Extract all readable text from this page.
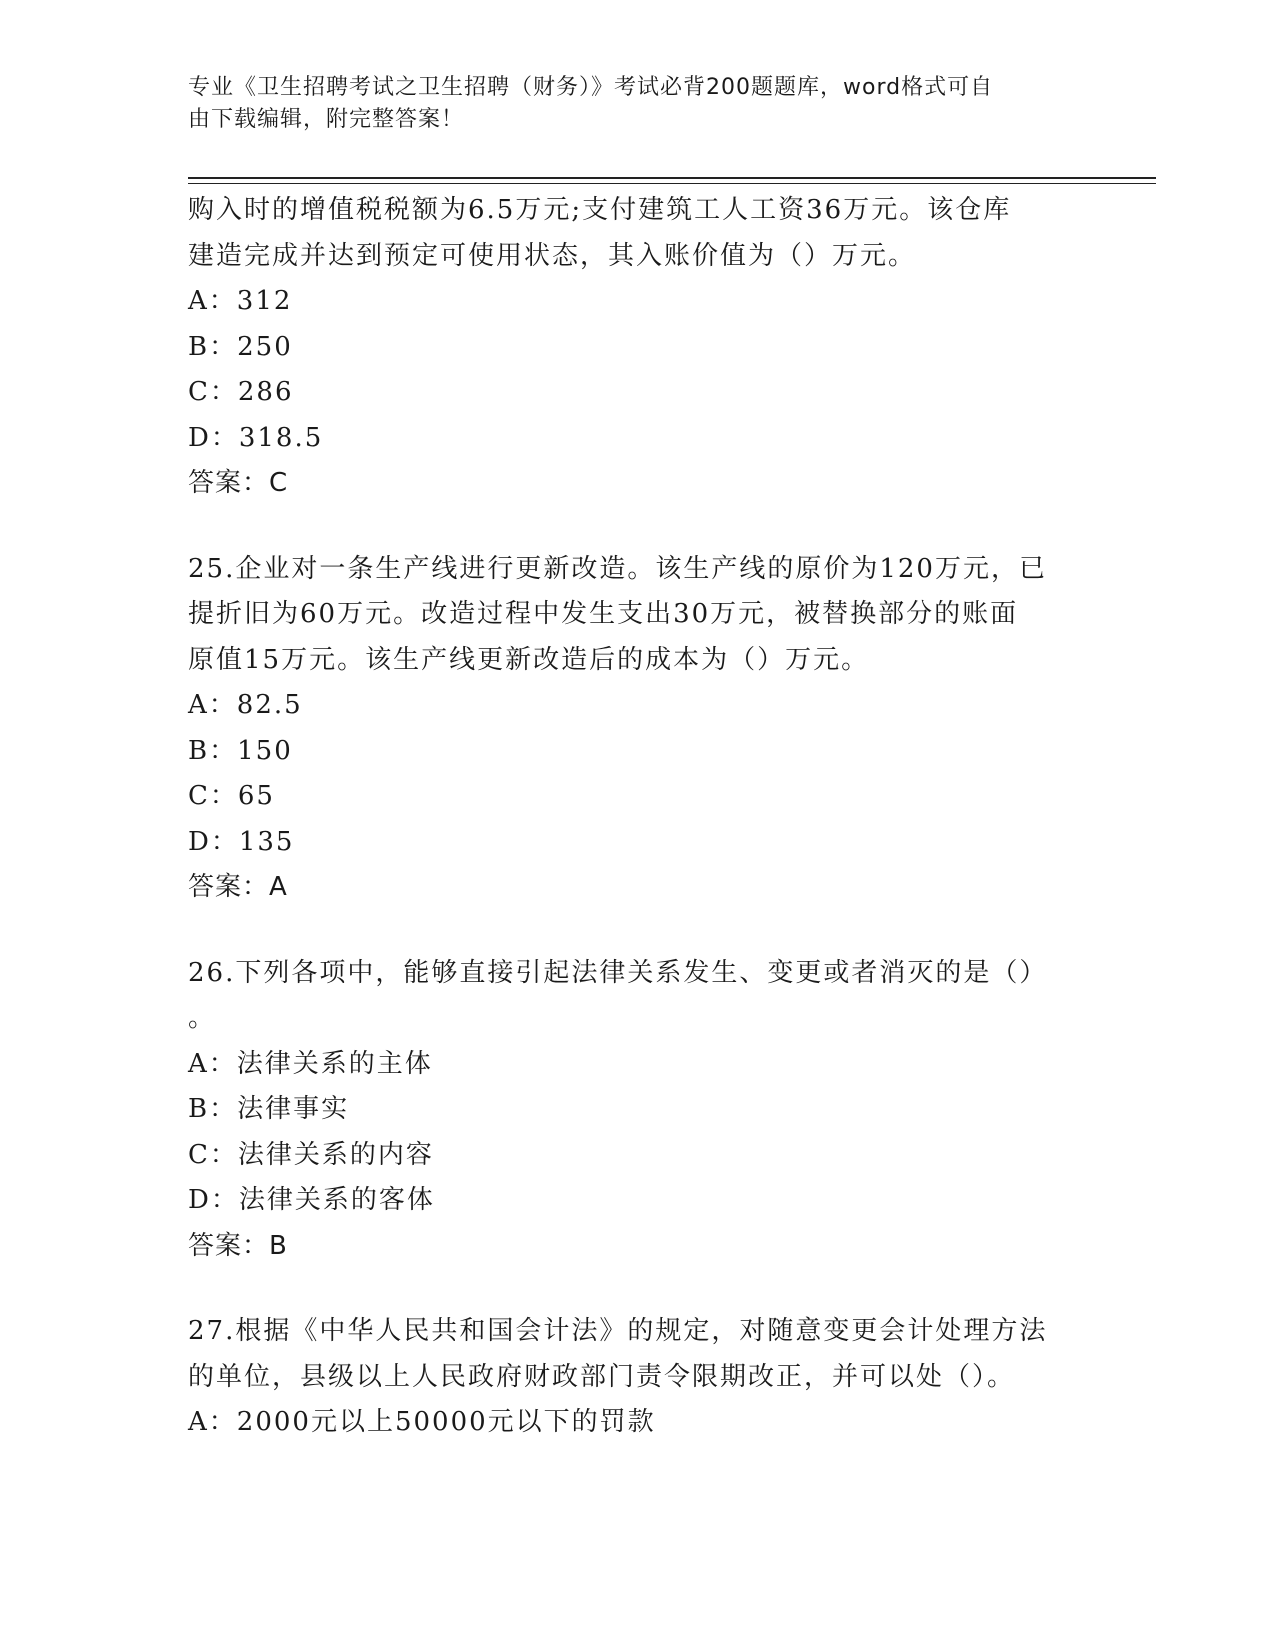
专业《卫生招聘考试之卫生招聘（财务）》考试必背200题题库，word格式可自
由下载编辑，附完整答案！
购入时的增值税税额为6.5万元;支付建筑工人工资36万元。该仓库
建造完成并达到预定可使用状态，其入账价值为（）万元。
A：312
B：250
C：286
D：318.5
答案：C
25.企业对一条生产线进行更新改造。该生产线的原价为120万元，已
提折旧为60万元。改造过程中发生支出30万元，被替换部分的账面
原值15万元。该生产线更新改造后的成本为（）万元。
A：82.5
B：150
C：65
D：135
答案：A
26.下列各项中，能够直接引起法律关系发生、变更或者消灭的是（）
。
A：法律关系的主体
B：法律事实
C：法律关系的内容
D：法律关系的客体
答案：B
27.根据《中华人民共和国会计法》的规定，对随意变更会计处理方法
的单位，县级以上人民政府财政部门责令限期改正，并可以处（）。
A：2000元以上50000元以下的罚款
